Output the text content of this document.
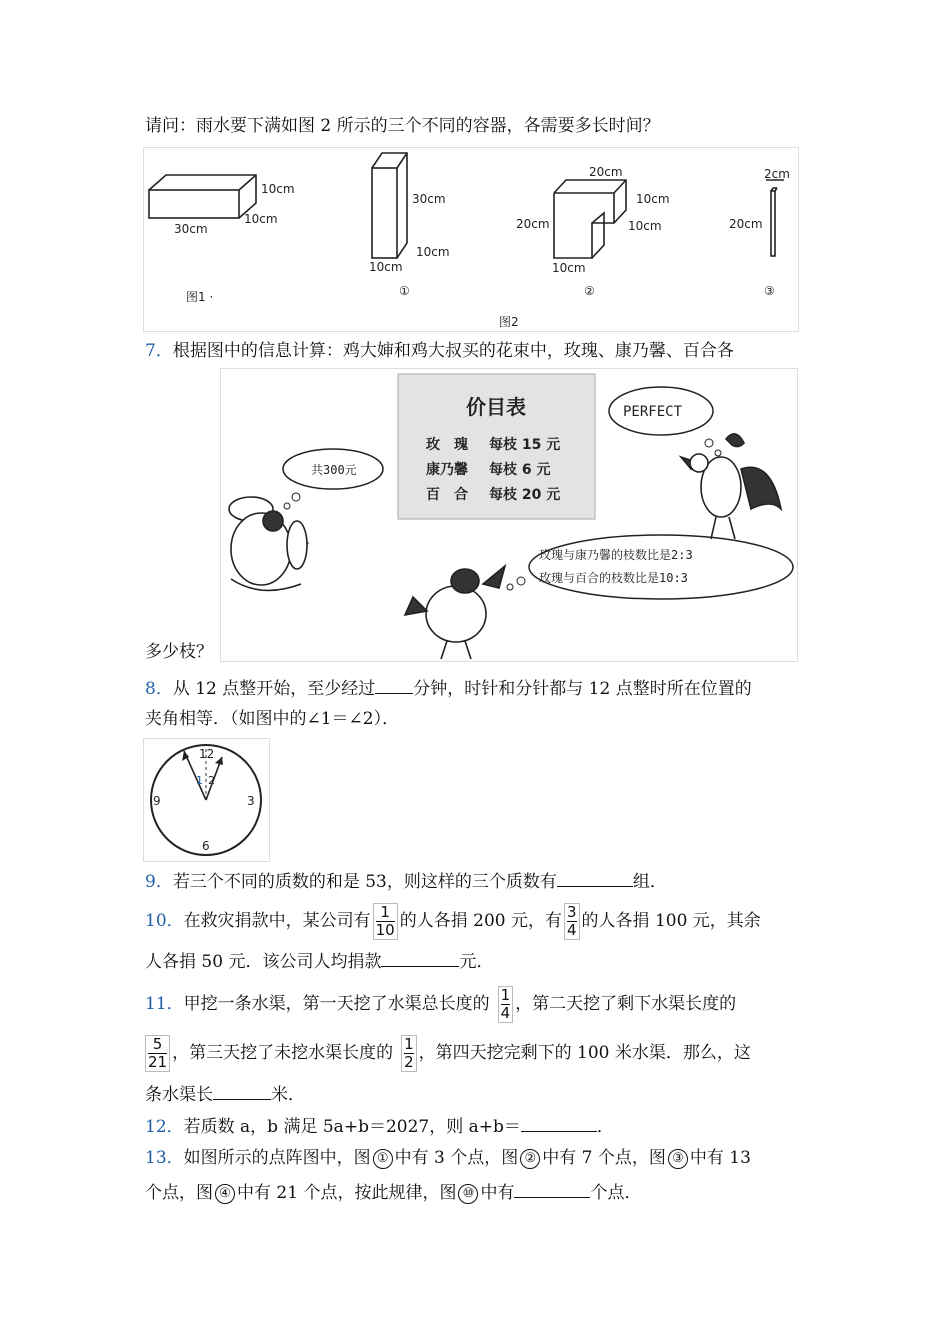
请问：雨水要下满如图 2 所示的三个不同的容器，各需要多长时间？
30cm
10cm
10cm
图1 ·
30cm
10cm
10cm
①
20cm
10cm
10cm
20cm
10cm
②
2cm
20cm
③
图2
7．根据图中的信息计算：鸡大婶和鸡大叔买的花束中，玫瑰、康乃馨、百合各
价目表
玫　瑰 每枝 15 元
康乃馨 每枝 6 元
百　合 每枝 20 元
共300元
PERFECT
玫瑰与康乃馨的枝数比是2:3
玫瑰与百合的枝数比是10:3
多少枝？
8．从 12 点整开始，至少经过 分钟，时针和分针都与 12 点整时所在位置的
夹角相等．（如图中的∠1＝∠2）．
12
3
6
9
1 2
9．若三个不同的质数的和是 53，则这样的三个质数有	组．
10．在救灾捐款中，某公司有 $\frac{1}{10}$ 的人各捐 200 元，有 $\frac{3}{4}$ 的人各捐 100 元，其余
人各捐 50 元．该公司人均捐款	元．
11．甲挖一条水渠，第一天挖了水渠总长度的 $\frac{1}{4}$ ，第二天挖了剩下水渠长度的
$\frac{5}{21}$ ，第三天挖了未挖水渠长度的 $\frac{1}{2}$ ，第四天挖完剩下的 100 米水渠．那么，这
条水渠长	米．
12．若质数 a，b 满足 5a+b＝2027，则 a+b＝	．
13．如图所示的点阵图中，图 ① 中有 3 个点，图 ② 中有 7 个点，图 ③ 中有 13
个点，图 ④ 中有 21 个点，按此规律，图 ⑩ 中有	个点．
